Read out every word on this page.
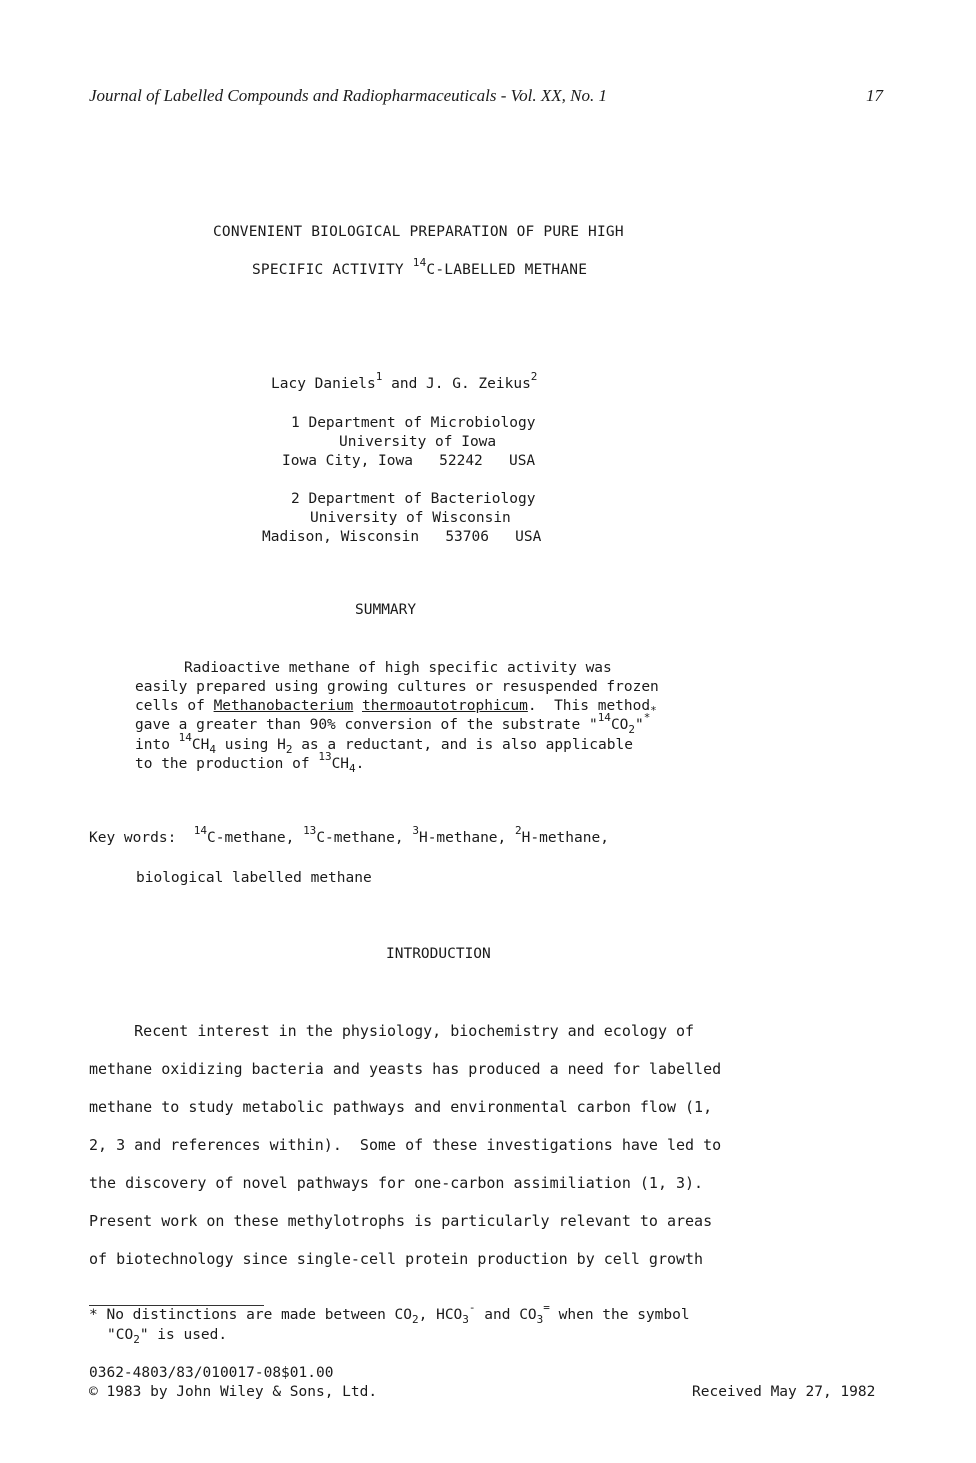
Journal of Labelled Compounds and Radiopharmaceuticals - Vol. XX, No. 1	17
CONVENIENT BIOLOGICAL PREPARATION OF PURE HIGH
SPECIFIC ACTIVITY $^{14}$C-LABELLED METHANE
Lacy Daniels$^1$ and J. G. Zeikus$^2$
1 Department of Microbiology
University of Iowa
Iowa City, Iowa   52242   USA
2 Department of Bacteriology
University of Wisconsin
Madison, Wisconsin   53706   USA
SUMMARY
Radioactive methane of high specific activity was
easily prepared using growing cultures or resuspended frozen
cells of Methanobacterium thermoautotrophicum.  This method$_*$
gave a greater than 90% conversion of the substrate "$^{14}CO_2"^*$
into $^{14}CH_4$ using $H_2$ as a reductant, and is also applicable
to the production of $^{13}CH_4$.
Key words: $^{14}$C-methane, $^{13}$C-methane, $^3$H-methane, $^2$H-methane,
biological labelled methane
INTRODUCTION
Recent interest in the physiology, biochemistry and ecology of
methane oxidizing bacteria and yeasts has produced a need for labelled
methane to study metabolic pathways and environmental carbon flow (1,
2, 3 and references within).  Some of these investigations have led to
the discovery of novel pathways for one-carbon assimiliation (1, 3).
Present work on these methylotrophs is particularly relevant to areas
of biotechnology since single-cell protein production by cell growth
* No distinctions are made between $CO_2$, $HCO_3^-$ and $CO_3^=$ when the symbol
"$CO_2$" is used.
0362-4803/83/010017-08$01.00
© 1983 by John Wiley & Sons, Ltd.	Received May 27, 1982
